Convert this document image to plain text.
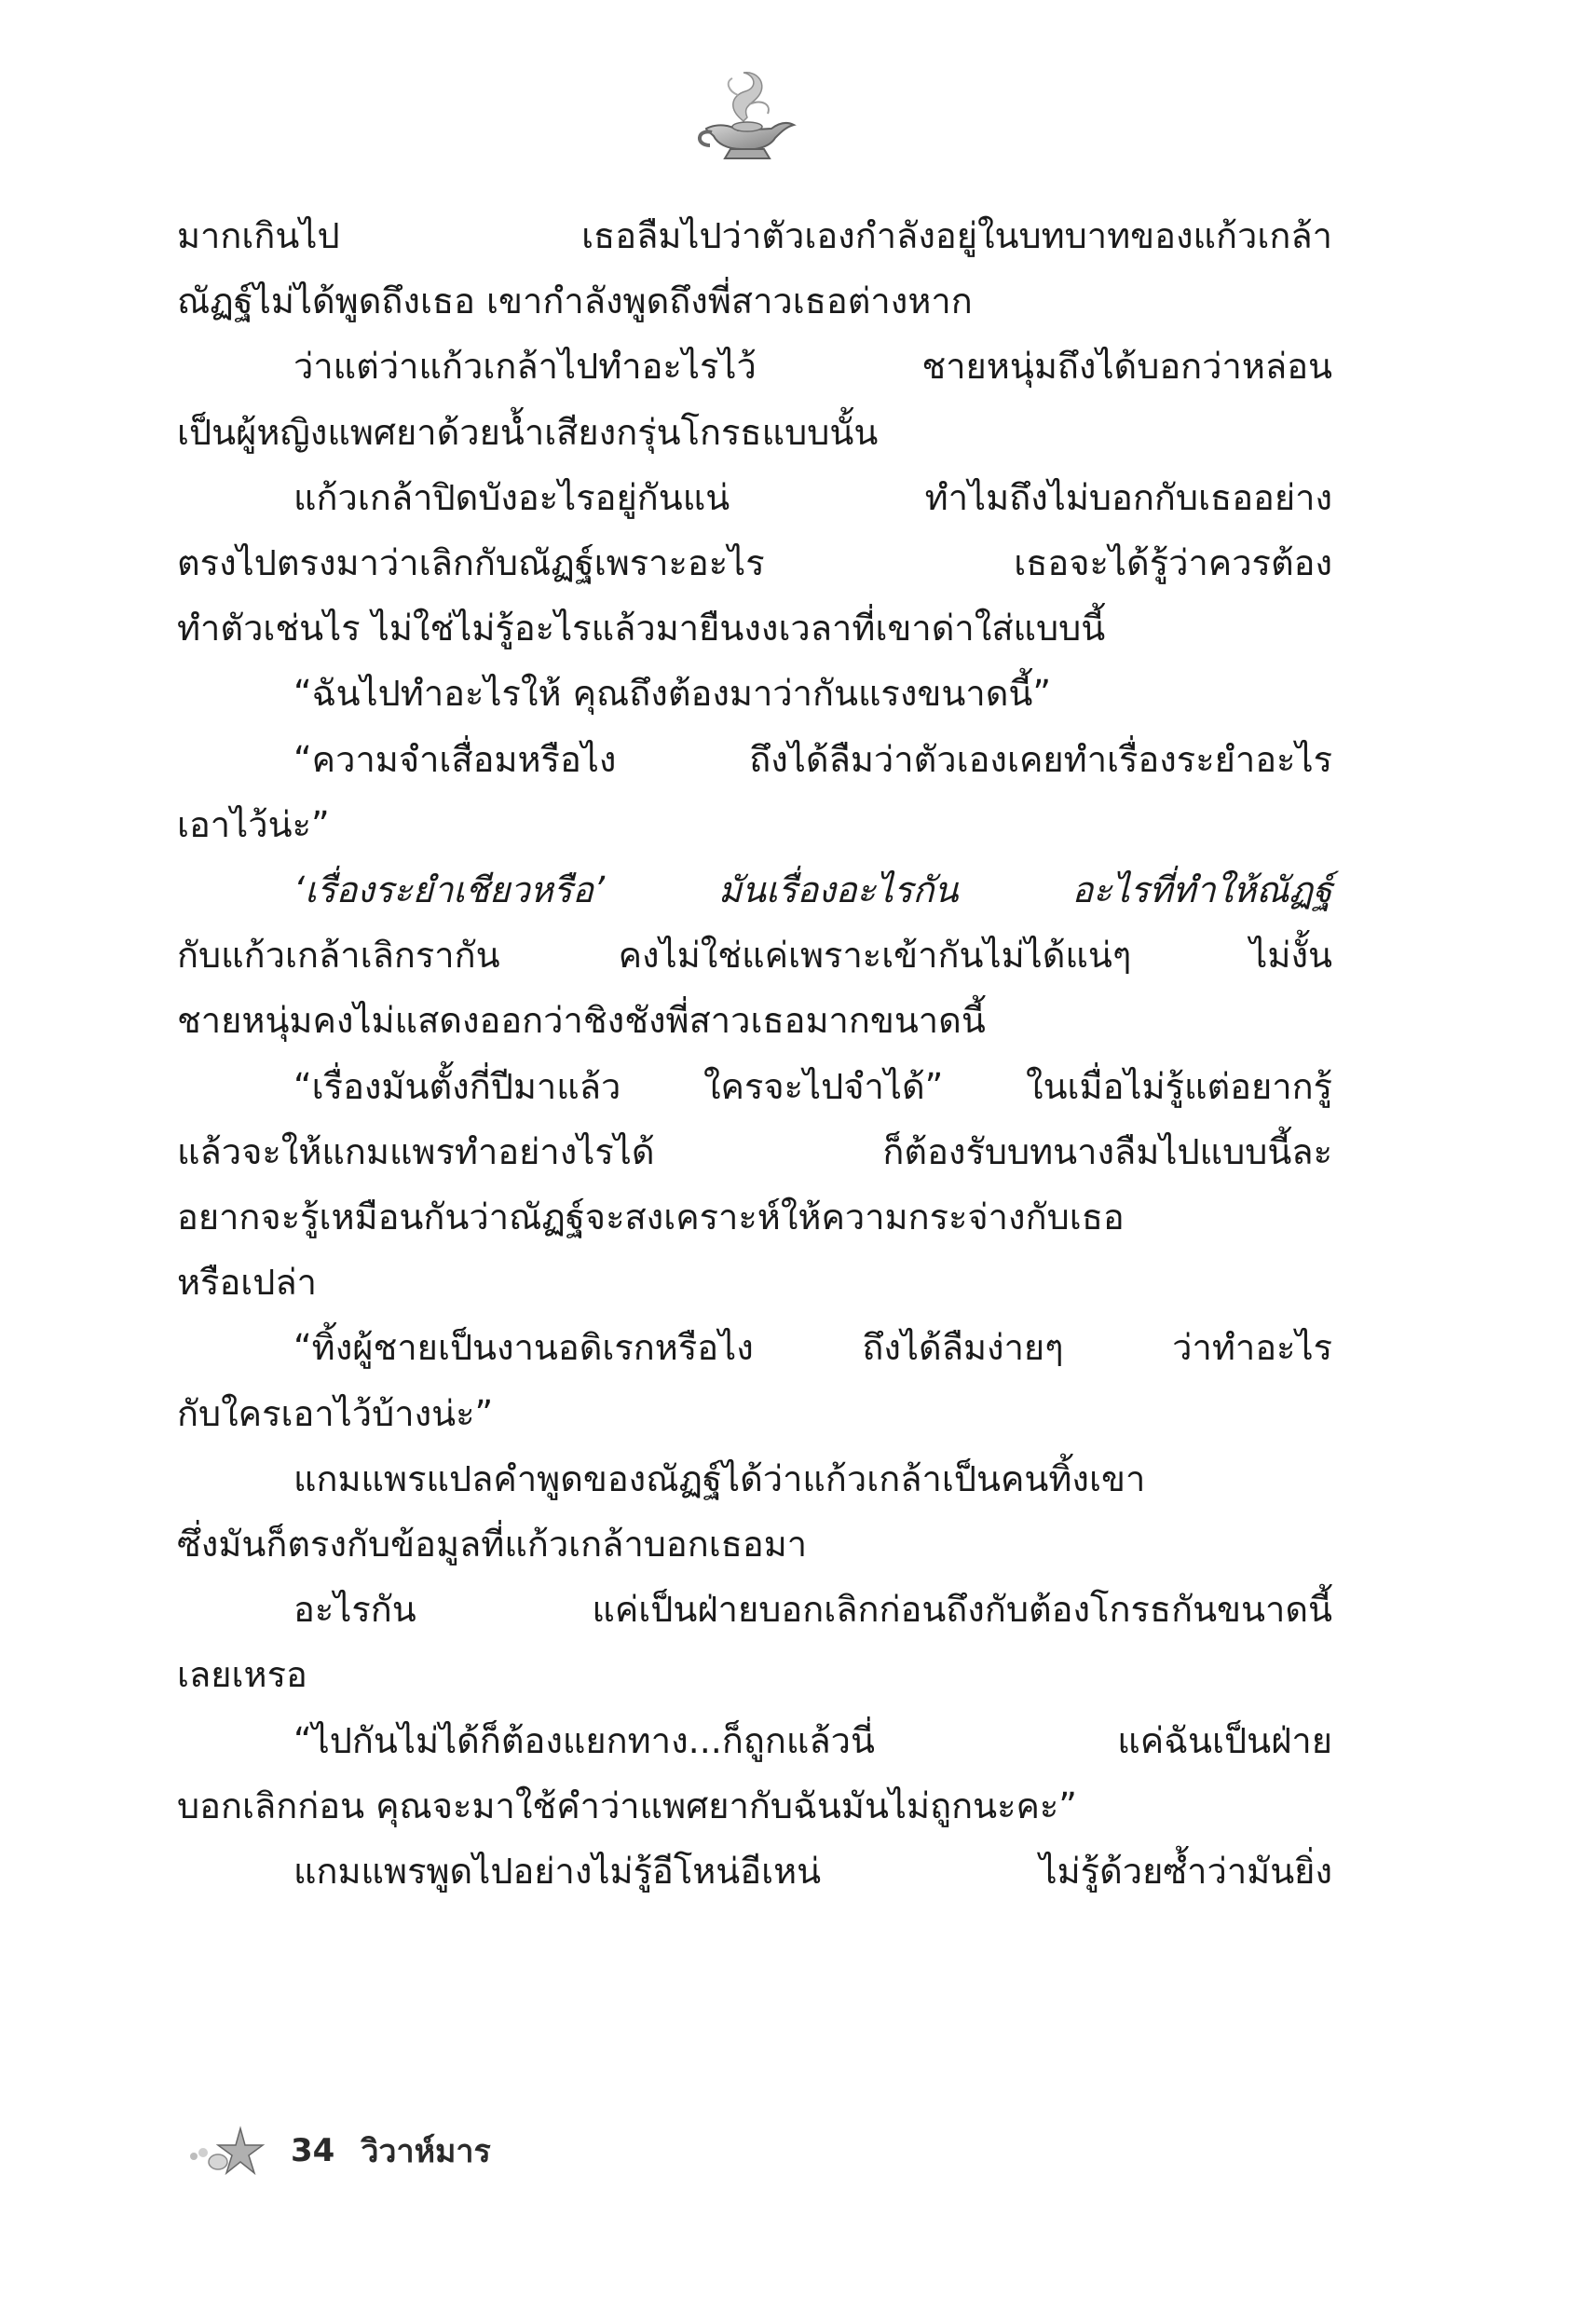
มากเกินไป เธอลืมไปว่าตัวเองกำลังอยู่ในบทบาทของแก้วเกล้า
ณัฏฐ์ไม่ได้พูดถึงเธอ เขากำลังพูดถึงพี่สาวเธอต่างหาก
ว่าแต่ว่าแก้วเกล้าไปทำอะไรไว้ ชายหนุ่มถึงได้บอกว่าหล่อน
เป็นผู้หญิงแพศยาด้วยน้ำเสียงกรุ่นโกรธแบบนั้น
แก้วเกล้าปิดบังอะไรอยู่กันแน่ ทำไมถึงไม่บอกกับเธออย่าง
ตรงไปตรงมาว่าเลิกกับณัฏฐ์เพราะอะไร เธอจะได้รู้ว่าควรต้อง
ทำตัวเช่นไร ไม่ใช่ไม่รู้อะไรแล้วมายืนงงเวลาที่เขาด่าใส่แบบนี้
“ฉันไปทำอะไรให้ คุณถึงต้องมาว่ากันแรงขนาดนี้”
“ความจำเสื่อมหรือไง ถึงได้ลืมว่าตัวเองเคยทำเรื่องระยำอะไร
เอาไว้น่ะ”
‘เรื่องระยำเชียวหรือ’ มันเรื่องอะไรกัน อะไรที่ทำให้ณัฏฐ์
กับแก้วเกล้าเลิกรากัน คงไม่ใช่แค่เพราะเข้ากันไม่ได้แน่ๆ ไม่งั้น
ชายหนุ่มคงไม่แสดงออกว่าชิงชังพี่สาวเธอมากขนาดนี้
“เรื่องมันตั้งกี่ปีมาแล้ว ใครจะไปจำได้” ในเมื่อไม่รู้แต่อยากรู้
แล้วจะให้แกมแพรทำอย่างไรได้ ก็ต้องรับบทนางลืมไปแบบนี้ละ
อยากจะรู้เหมือนกันว่าณัฏฐ์จะสงเคราะห์ให้ความกระจ่างกับเธอ
หรือเปล่า
“ทิ้งผู้ชายเป็นงานอดิเรกหรือไง ถึงได้ลืมง่ายๆ ว่าทำอะไร
กับใครเอาไว้บ้างน่ะ”
แกมแพรแปลคำพูดของณัฏฐ์ได้ว่าแก้วเกล้าเป็นคนทิ้งเขา
ซึ่งมันก็ตรงกับข้อมูลที่แก้วเกล้าบอกเธอมา
อะไรกัน แค่เป็นฝ่ายบอกเลิกก่อนถึงกับต้องโกรธกันขนาดนี้
เลยเหรอ
“ไปกันไม่ได้ก็ต้องแยกทาง...ก็ถูกแล้วนี่ แค่ฉันเป็นฝ่าย
บอกเลิกก่อน คุณจะมาใช้คำว่าแพศยากับฉันมันไม่ถูกนะคะ”
แกมแพรพูดไปอย่างไม่รู้อีโหน่อีเหน่ ไม่รู้ด้วยซ้ำว่ามันยิ่ง
34 วิวาห์มาร
